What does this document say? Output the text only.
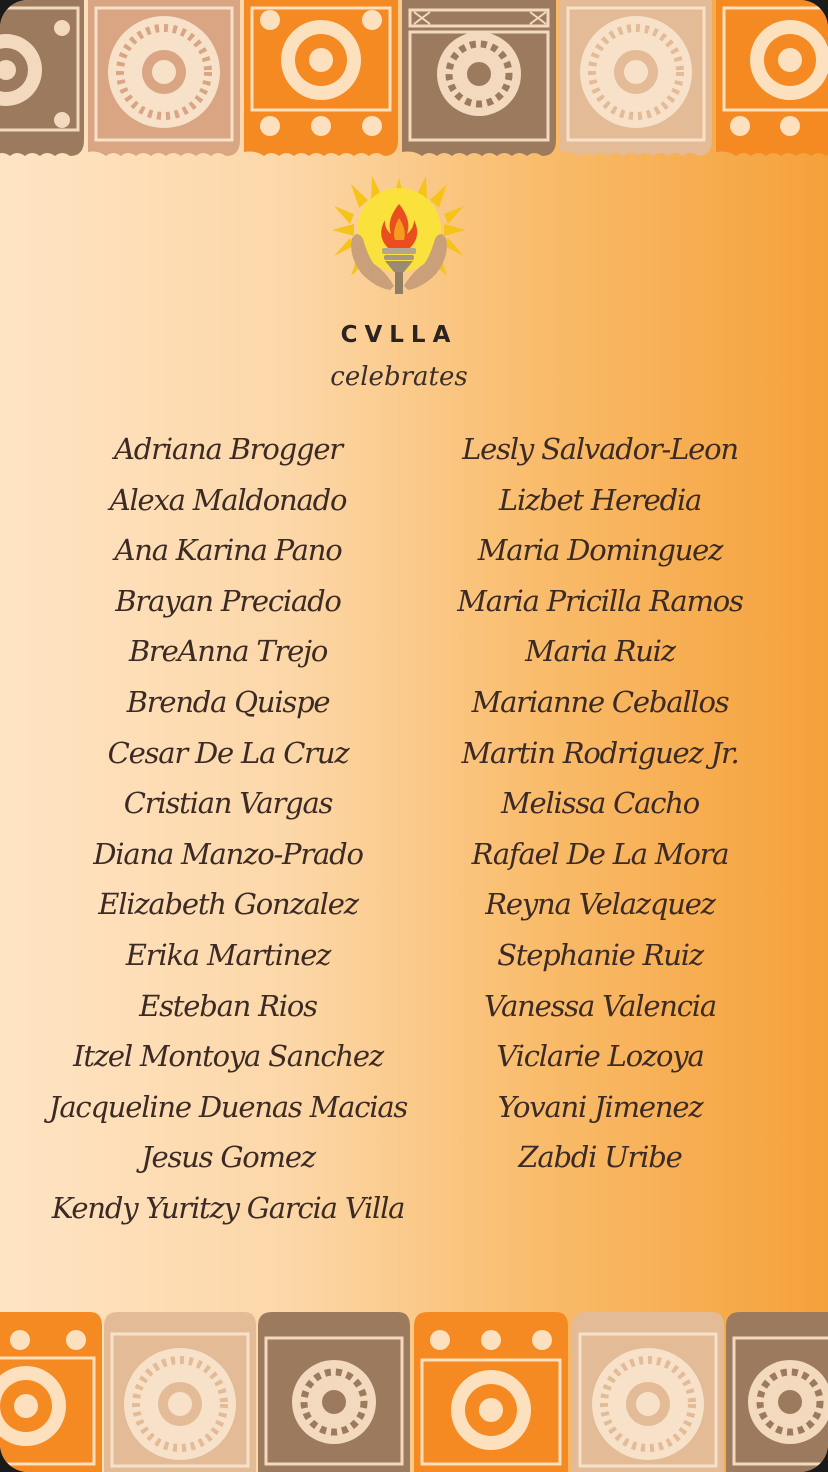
CVLLA
celebrates
Adriana Brogger
Alexa Maldonado
Ana Karina Pano
Brayan Preciado
BreAnna Trejo
Brenda Quispe
Cesar De La Cruz
Cristian Vargas
Diana Manzo-Prado
Elizabeth Gonzalez
Erika Martinez
Esteban Rios
Itzel Montoya Sanchez
Jacqueline Duenas Macias
Jesus Gomez
Kendy Yuritzy Garcia Villa
Lesly Salvador-Leon
Lizbet Heredia
Maria Dominguez
Maria Pricilla Ramos
Maria Ruiz
Marianne Ceballos
Martin Rodriguez Jr.
Melissa Cacho
Rafael De La Mora
Reyna Velazquez
Stephanie Ruiz
Vanessa Valencia
Viclarie Lozoya
Yovani Jimenez
Zabdi Uribe
